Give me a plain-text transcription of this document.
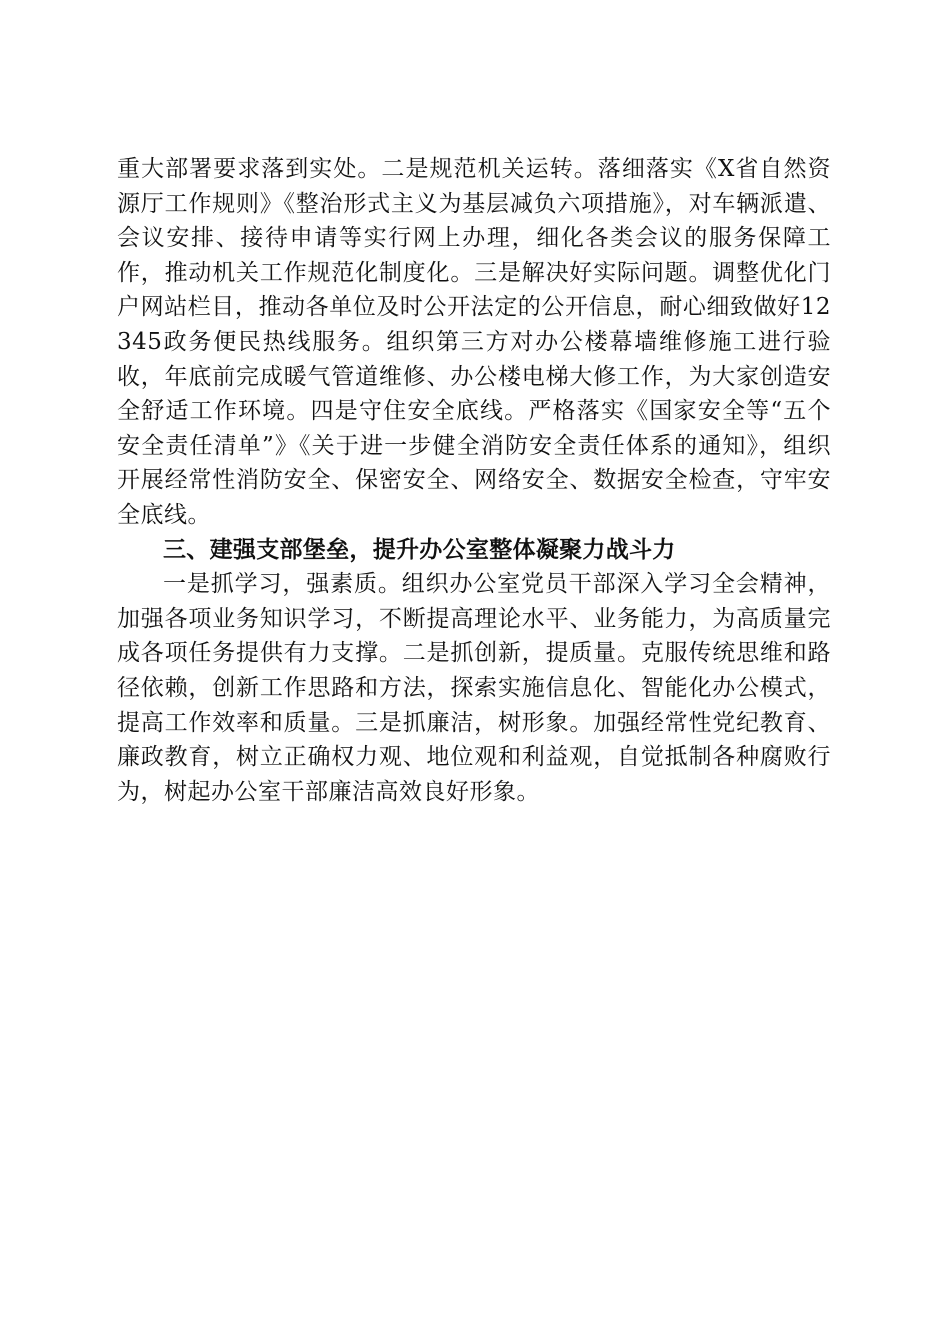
重大部署要求落到实处。二是规范机关运转。落细落实《X省自然资源厅工作规则》《整治形式主义为基层减负六项措施》，对车辆派遣、会议安排、接待申请等实行网上办理，细化各类会议的服务保障工作，推动机关工作规范化制度化。三是解决好实际问题。调整优化门户网站栏目，推动各单位及时公开法定的公开信息，耐心细致做好12345政务便民热线服务。组织第三方对办公楼幕墙维修施工进行验收，年底前完成暖气管道维修、办公楼电梯大修工作，为大家创造安全舒适工作环境。四是守住安全底线。严格落实《国家安全等“五个安全责任清单”》《关于进一步健全消防安全责任体系的通知》，组织开展经常性消防安全、保密安全、网络安全、数据安全检查，守牢安全底线。

三、建强支部堡垒，提升办公室整体凝聚力战斗力

一是抓学习，强素质。组织办公室党员干部深入学习全会精神，加强各项业务知识学习，不断提高理论水平、业务能力，为高质量完成各项任务提供有力支撑。二是抓创新，提质量。克服传统思维和路径依赖，创新工作思路和方法，探索实施信息化、智能化办公模式，提高工作效率和质量。三是抓廉洁，树形象。加强经常性党纪教育、廉政教育，树立正确权力观、地位观和利益观，自觉抵制各种腐败行为，树起办公室干部廉洁高效良好形象。
